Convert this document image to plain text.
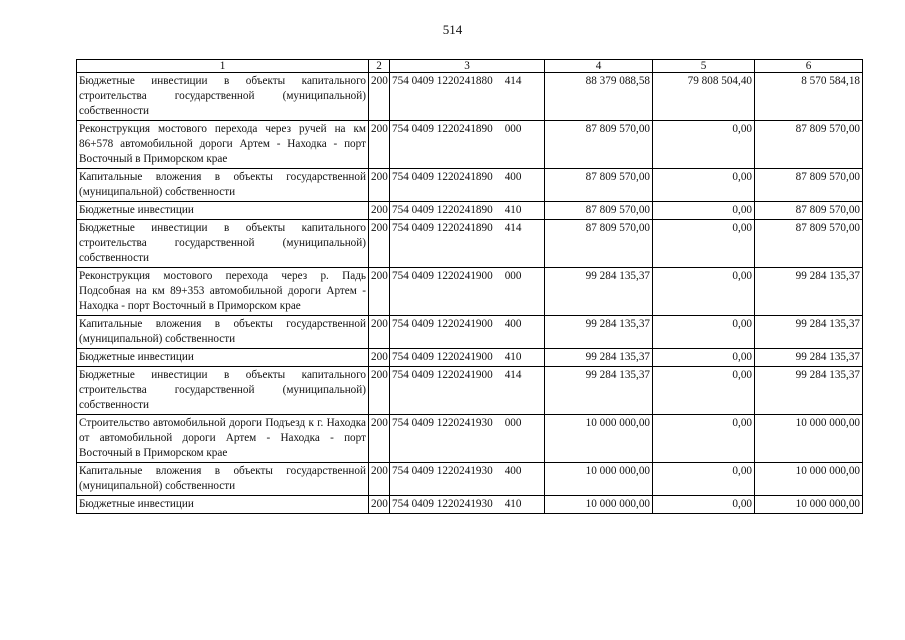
514
1	2	3	4	5	6
Бюджетные инвестиции в объекты капитального строительства государственной (муниципальной) собственности	200	754 0409 1220241880 414	88 379 088,58	79 808 504,40	8 570 584,18
Реконструкция мостового перехода через ручей на км 86+578 автомобильной дороги Артем - Находка - порт Восточный в Приморском крае	200	754 0409 1220241890 000	87 809 570,00	0,00	87 809 570,00
Капитальные вложения в объекты государственной (муниципальной) собственности	200	754 0409 1220241890 400	87 809 570,00	0,00	87 809 570,00
Бюджетные инвестиции	200	754 0409 1220241890 410	87 809 570,00	0,00	87 809 570,00
Бюджетные инвестиции в объекты капитального строительства государственной (муниципальной) собственности	200	754 0409 1220241890 414	87 809 570,00	0,00	87 809 570,00
Реконструкция мостового перехода через р. Падь Подсобная на км 89+353 автомобильной дороги Артем - Находка - порт Восточный в Приморском крае	200	754 0409 1220241900 000	99 284 135,37	0,00	99 284 135,37
Капитальные вложения в объекты государственной (муниципальной) собственности	200	754 0409 1220241900 400	99 284 135,37	0,00	99 284 135,37
Бюджетные инвестиции	200	754 0409 1220241900 410	99 284 135,37	0,00	99 284 135,37
Бюджетные инвестиции в объекты капитального строительства государственной (муниципальной) собственности	200	754 0409 1220241900 414	99 284 135,37	0,00	99 284 135,37
Строительство автомобильной дороги Подъезд к г. Находка от автомобильной дороги Артем - Находка - порт Восточный в Приморском крае	200	754 0409 1220241930 000	10 000 000,00	0,00	10 000 000,00
Капитальные вложения в объекты государственной (муниципальной) собственности	200	754 0409 1220241930 400	10 000 000,00	0,00	10 000 000,00
Бюджетные инвестиции	200	754 0409 1220241930 410	10 000 000,00	0,00	10 000 000,00
